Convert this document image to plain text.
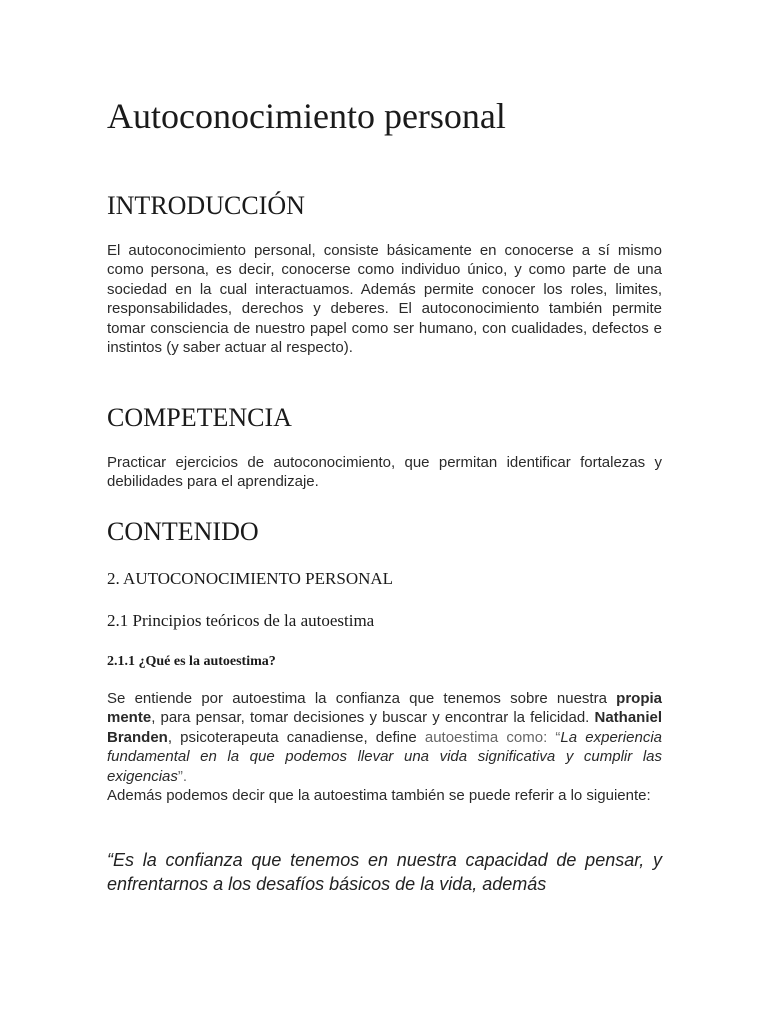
Autoconocimiento personal
INTRODUCCIÓN

El autoconocimiento personal, consiste básicamente en conocerse a sí mismo como persona, es decir, conocerse como individuo único, y como parte de una sociedad en la cual interactuamos. Además permite conocer los roles, limites, responsabilidades, derechos y deberes. El autoconocimiento también permite tomar consciencia de nuestro papel como ser humano, con cualidades, defectos e instintos (y saber actuar al respecto).

COMPETENCIA

Practicar ejercicios de autoconocimiento, que permitan identificar fortalezas y debilidades para el aprendizaje.

CONTENIDO
2. AUTOCONOCIMIENTO PERSONAL
2.1 Principios teóricos de la autoestima
2.1.1 ¿Qué es la autoestima?

Se entiende por autoestima la confianza que tenemos sobre nuestra propia mente, para pensar, tomar decisiones y buscar y encontrar la felicidad. Nathaniel Branden, psicoterapeuta canadiense, define autoestima como: “La experiencia fundamental en la que podemos llevar una vida significativa y cumplir las exigencias”.

Además podemos decir que la autoestima también se puede referir a lo siguiente:

“Es la confianza que tenemos en nuestra capacidad de pensar, y enfrentarnos a los desafíos básicos de la vida, además
